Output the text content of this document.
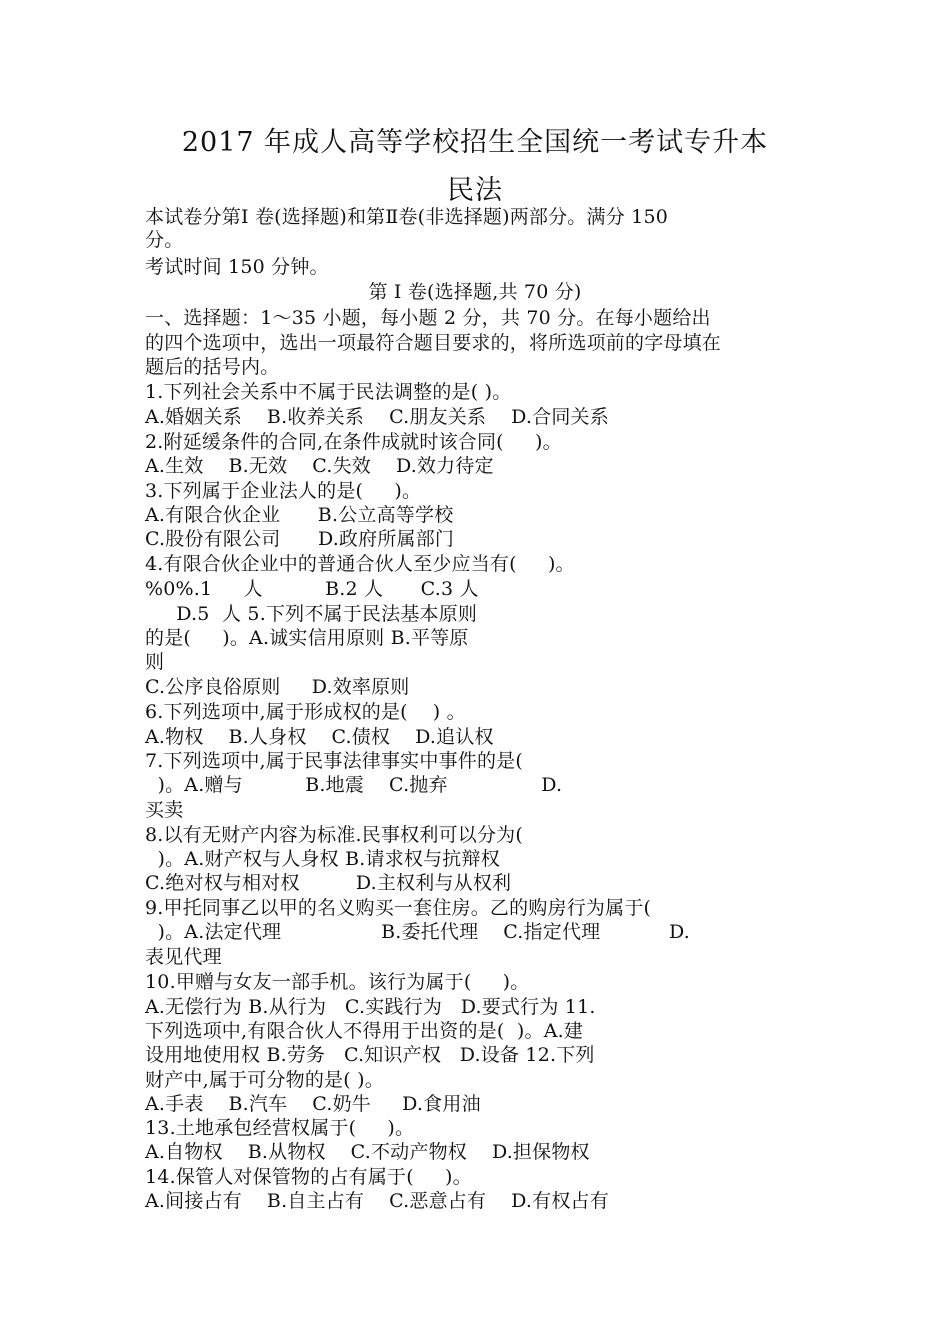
2017 年成人高等学校招生全国统一考试专升本
民法
本试卷分第Ⅰ 卷(选择题)和第Ⅱ卷(非选择题)两部分。满分 150
分。
考试时间 150 分钟。
第 Ⅰ 卷(选择题,共 70 分)
一、选择题：1～35 小题，每小题 2 分，共 70 分。在每小题给出
的四个选项中，选出一项最符合题目要求的，将所选项前的字母填在
题后的括号内。
1.下列社会关系中不属于民法调整的是( )。
A.婚姻关系    B.收养关系    C.朋友关系    D.合同关系
2.附延缓条件的合同,在条件成就时该合同(     )。
A.生效    B.无效    C.失效    D.效力待定
3.下列属于企业法人的是(     )。
A.有限合伙企业      B.公立高等学校
C.股份有限公司      D.政府所属部门
4.有限合伙企业中的普通合伙人至少应当有(     )。
%0%.1     人          B.2 人      C.3 人
D.5  人 5.下列不属于民法基本原则
的是(     )。A.诚实信用原则 B.平等原
则
C.公序良俗原则     D.效率原则
6.下列选项中,属于形成权的是(    ) 。
A.物权    B.人身权    C.债权    D.追认权
7.下列选项中,属于民事法律事实中事件的是(
)。A.赠与          B.地震    C.抛弃               D.
买卖
8.以有无财产内容为标准.民事权利可以分为(
)。A.财产权与人身权 B.请求权与抗辩权
C.绝对权与相对权         D.主权利与从权利
9.甲托同事乙以甲的名义购买一套住房。乙的购房行为属于(
)。A.法定代理                B.委托代理    C.指定代理           D.
表见代理
10.甲赠与女友一部手机。该行为属于(     )。
A.无偿行为 B.从行为   C.实践行为   D.要式行为 11.
下列选项中,有限合伙人不得用于出资的是(  )。A.建
设用地使用权 B.劳务   C.知识产权   D.设备 12.下列
财产中,属于可分物的是( )。
A.手表    B.汽车    C.奶牛     D.食用油
13.土地承包经营权属于(     )。
A.自物权    B.从物权    C.不动产物权    D.担保物权
14.保管人对保管物的占有属于(     )。
A.间接占有    B.自主占有    C.恶意占有    D.有权占有
